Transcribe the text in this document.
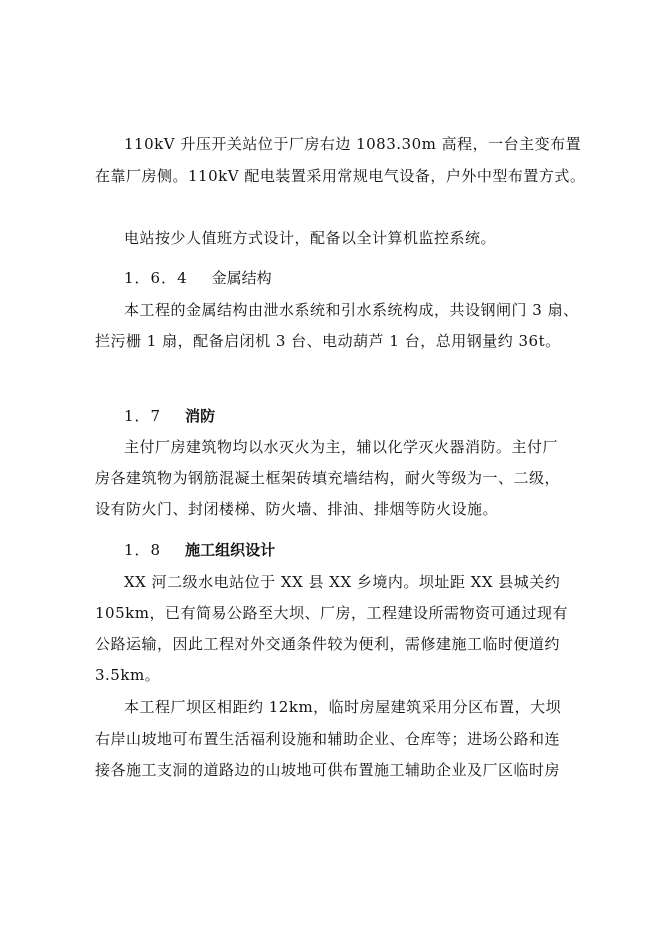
110kV 升压开关站位于厂房右边 1083.30m 高程，一台主变布置
在靠厂房侧。110kV 配电装置采用常规电气设备，户外中型布置方式。
电站按少人值班方式设计，配备以全计算机监控系统。
1．6．4 金属结构
本工程的金属结构由泄水系统和引水系统构成，共设钢闸门 3 扇、
拦污栅 1 扇，配备启闭机 3 台、电动葫芦 1 台，总用钢量约 36t。
1．7 消防
主付厂房建筑物均以水灭火为主，辅以化学灭火器消防。主付厂
房各建筑物为钢筋混凝土框架砖填充墙结构，耐火等级为一、二级，
设有防火门、封闭楼梯、防火墙、排油、排烟等防火设施。
1．8 施工组织设计
XX 河二级水电站位于 XX 县 XX 乡境内。坝址距 XX 县城关约
105km，已有简易公路至大坝、厂房，工程建设所需物资可通过现有
公路运输，因此工程对外交通条件较为便利，需修建施工临时便道约
3.5km。
本工程厂坝区相距约 12km，临时房屋建筑采用分区布置，大坝
右岸山坡地可布置生活福利设施和辅助企业、仓库等；进场公路和连
接各施工支洞的道路边的山坡地可供布置施工辅助企业及厂区临时房
